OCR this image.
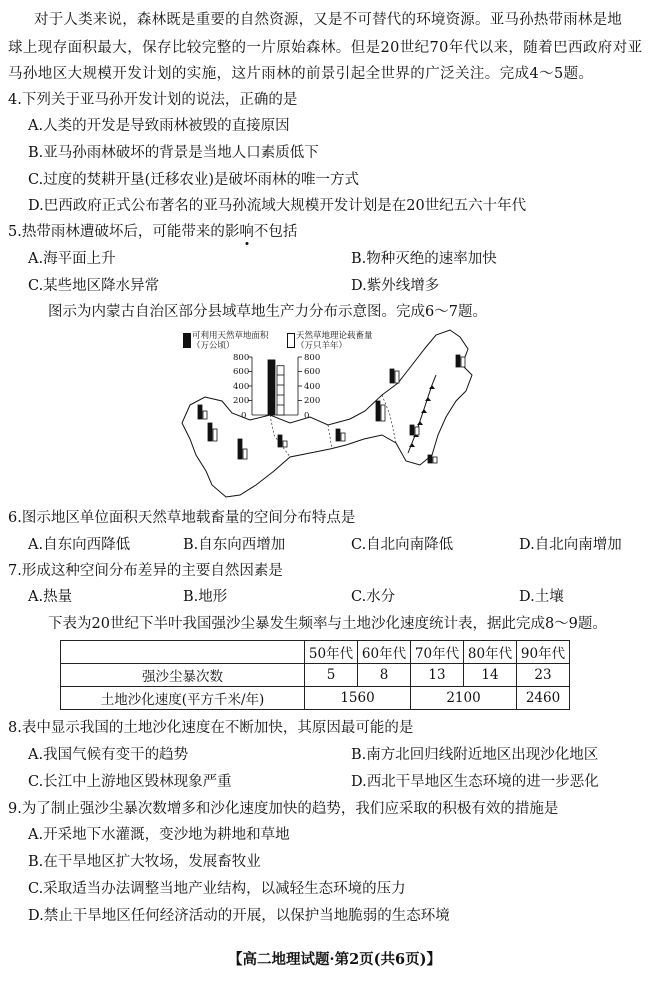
对于人类来说，森林既是重要的自然资源，又是不可替代的环境资源。亚马孙热带雨林是地
球上现存面积最大，保存比较完整的一片原始森林。但是20世纪70年代以来，随着巴西政府对亚
马孙地区大规模开发计划的实施，这片雨林的前景引起全世界的广泛关注。完成4～5题。
4.下列关于亚马孙开发计划的说法，正确的是
A.人类的开发是导致雨林被毁的直接原因
B.亚马孙雨林破坏的背景是当地人口素质低下
C.过度的焚耕开垦(迁移农业)是破坏雨林的唯一方式
D.巴西政府正式公布著名的亚马孙流域大规模开发计划是在20世纪五六十年代
5.热带雨林遭破坏后，可能带来的影响不包括
A.海平面上升	B.物种灭绝的速率加快
C.某些地区降水异常	D.紫外线增多
图示为内蒙古自治区部分县域草地生产力分布示意图。完成6～7题。
可利用天然草地面积
（万公顷）
天然草地理论载畜量
（万只羊年）
800
600
400
200
0
800
600
400
200
0
6.图示地区单位面积天然草地载畜量的空间分布特点是
A.自东向西降低	B.自东向西增加	C.自北向南降低	D.自北向南增加
7.形成这种空间分布差异的主要自然因素是
A.热量	B.地形	C.水分	D.土壤
下表为20世纪下半叶我国强沙尘暴发生频率与土地沙化速度统计表，据此完成8～9题。
	50年代	60年代	70年代	80年代	90年代
强沙尘暴次数	5	8	13	14	23
土地沙化速度(平方千米/年)	1560		2100		2460
8.表中显示我国的土地沙化速度在不断加快，其原因最可能的是
A.我国气候有变干的趋势	B.南方北回归线附近地区出现沙化地区
C.长江中上游地区毁林现象严重	D.西北干旱地区生态环境的进一步恶化
9.为了制止强沙尘暴次数增多和沙化速度加快的趋势，我们应采取的积极有效的措施是
A.开采地下水灌溉，变沙地为耕地和草地
B.在干旱地区扩大牧场，发展畜牧业
C.采取适当办法调整当地产业结构，以减轻生态环境的压力
D.禁止干旱地区任何经济活动的开展，以保护当地脆弱的生态环境
【高二地理试题·第2页(共6页)】
